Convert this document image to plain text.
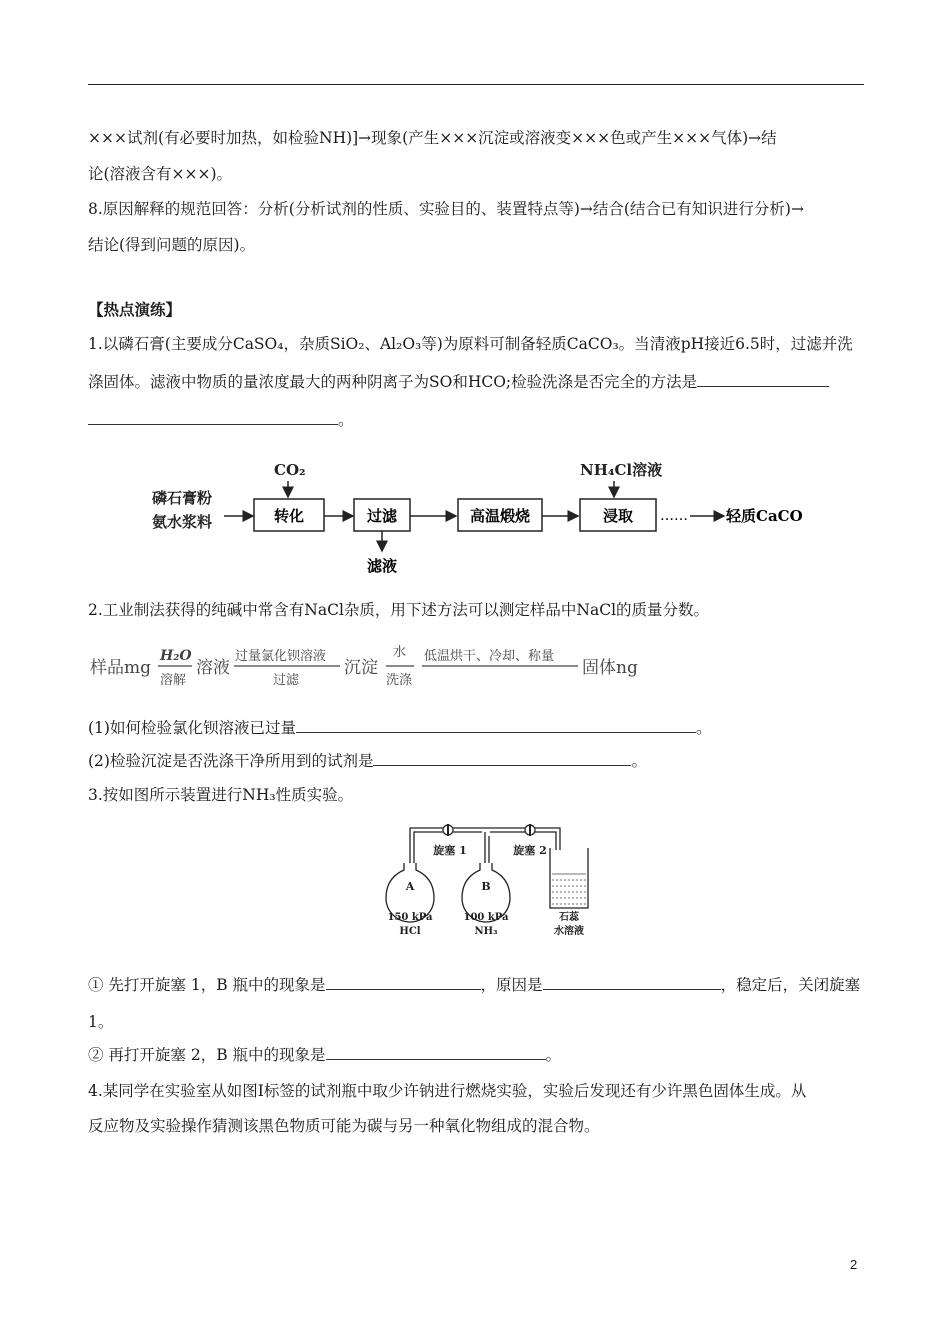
×××试剂(有必要时加热，如检验NH)]→现象(产生×××沉淀或溶液变×××色或产生×××气体)→结
论(溶液含有×××)。
8.原因解释的规范回答：分析(分析试剂的性质、实验目的、装置特点等)→结合(结合已有知识进行分析)→
结论(得到问题的原因)。
【热点演练】
1.以磷石膏(主要成分CaSO₄，杂质SiO₂、Al₂O₃等)为原料可制备轻质CaCO₃。当清液pH接近6.5时，过滤并洗
涤固体。滤液中物质的量浓度最大的两种阴离子为SO和HCO;检验洗涤是否完全的方法是
。
磷石膏粉
氨水浆料
CO₂	NH₄Cl溶液
转化	过滤
滤液
高温煅烧	浸取 ……	轻质CaCO
2.工业制法获得的纯碱中常含有NaCl杂质，用下述方法可以测定样品中NaCl的质量分数。
样品mg
H₂O
溶解
溶液
过量氯化钡溶液
过滤
沉淀
水
洗涤
低温烘干、冷却、称量
固体ng
(1)如何检验氯化钡溶液已过量	。
(2)检验沉淀是否洗涤干净所用到的试剂是	。
3.按如图所示装置进行NH₃性质实验。
旋塞 1	旋塞 2
A	B
150 kPa
HCl
100 kPa
NH₃
石蕊
水溶液
① 先打开旋塞 1，B 瓶中的现象是	，原因是	，稳定后，关闭旋塞
1。
② 再打开旋塞 2，B 瓶中的现象是	。
4.某同学在实验室从如图Ⅰ标签的试剂瓶中取少许钠进行燃烧实验，实验后发现还有少许黑色固体生成。从
反应物及实验操作猜测该黑色物质可能为碳与另一种氧化物组成的混合物。
2
